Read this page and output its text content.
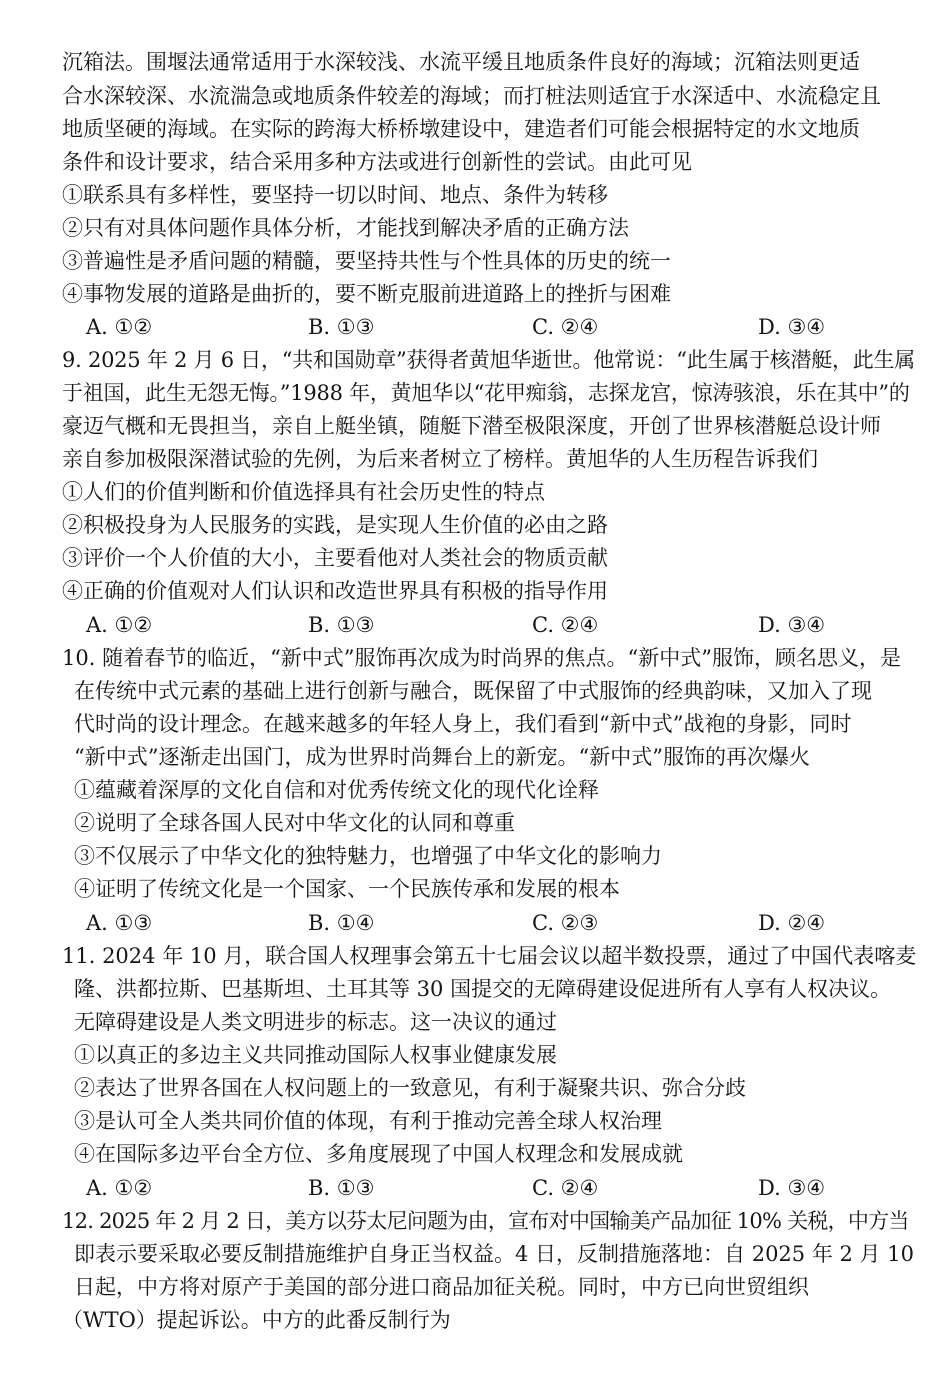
沉箱法。围堰法通常适用于水深较浅、水流平缓且地质条件良好的海域；沉箱法则更适
合水深较深、水流湍急或地质条件较差的海域；而打桩法则适宜于水深适中、水流稳定且
地质坚硬的海域。在实际的跨海大桥桥墩建设中，建造者们可能会根据特定的水文地质
条件和设计要求，结合采用多种方法或进行创新性的尝试。由此可见
①联系具有多样性，要坚持一切以时间、地点、条件为转移
②只有对具体问题作具体分析，才能找到解决矛盾的正确方法
③普遍性是矛盾问题的精髓，要坚持共性与个性具体的历史的统一
④事物发展的道路是曲折的，要不断克服前进道路上的挫折与困难
A. ①②	B. ①③	C. ②④	D. ③④
9. 2025 年 2 月 6 日，“共和国勋章”获得者黄旭华逝世。他常说：“此生属于核潜艇，此生属
于祖国，此生无怨无悔。”1988 年，黄旭华以“花甲痴翁，志探龙宫，惊涛骇浪，乐在其中”的
豪迈气概和无畏担当，亲自上艇坐镇，随艇下潜至极限深度，开创了世界核潜艇总设计师
亲自参加极限深潜试验的先例，为后来者树立了榜样。黄旭华的人生历程告诉我们
①人们的价值判断和价值选择具有社会历史性的特点
②积极投身为人民服务的实践，是实现人生价值的必由之路
③评价一个人价值的大小，主要看他对人类社会的物质贡献
④正确的价值观对人们认识和改造世界具有积极的指导作用
A. ①②	B. ①③	C. ②④	D. ③④
10. 随着春节的临近，“新中式”服饰再次成为时尚界的焦点。“新中式”服饰，顾名思义，是
在传统中式元素的基础上进行创新与融合，既保留了中式服饰的经典韵味，又加入了现
代时尚的设计理念。在越来越多的年轻人身上，我们看到“新中式”战袍的身影，同时
“新中式”逐渐走出国门，成为世界时尚舞台上的新宠。“新中式”服饰的再次爆火
①蕴藏着深厚的文化自信和对优秀传统文化的现代化诠释
②说明了全球各国人民对中华文化的认同和尊重
③不仅展示了中华文化的独特魅力，也增强了中华文化的影响力
④证明了传统文化是一个国家、一个民族传承和发展的根本
A. ①③	B. ①④	C. ②③	D. ②④
11. 2024 年 10 月，联合国人权理事会第五十七届会议以超半数投票，通过了中国代表喀麦
隆、洪都拉斯、巴基斯坦、土耳其等 30 国提交的无障碍建设促进所有人享有人权决议。
无障碍建设是人类文明进步的标志。这一决议的通过
①以真正的多边主义共同推动国际人权事业健康发展
②表达了世界各国在人权问题上的一致意见，有利于凝聚共识、弥合分歧
③是认可全人类共同价值的体现，有利于推动完善全球人权治理
④在国际多边平台全方位、多角度展现了中国人权理念和发展成就
A. ①②	B. ①③	C. ②④	D. ③④
12. 2025 年 2 月 2 日，美方以芬太尼问题为由，宣布对中国输美产品加征 10% 关税，中方当
即表示要采取必要反制措施维护自身正当权益。4 日，反制措施落地：自 2025 年 2 月 10
日起，中方将对原产于美国的部分进口商品加征关税。同时，中方已向世贸组织
（WTO）提起诉讼。中方的此番反制行为
